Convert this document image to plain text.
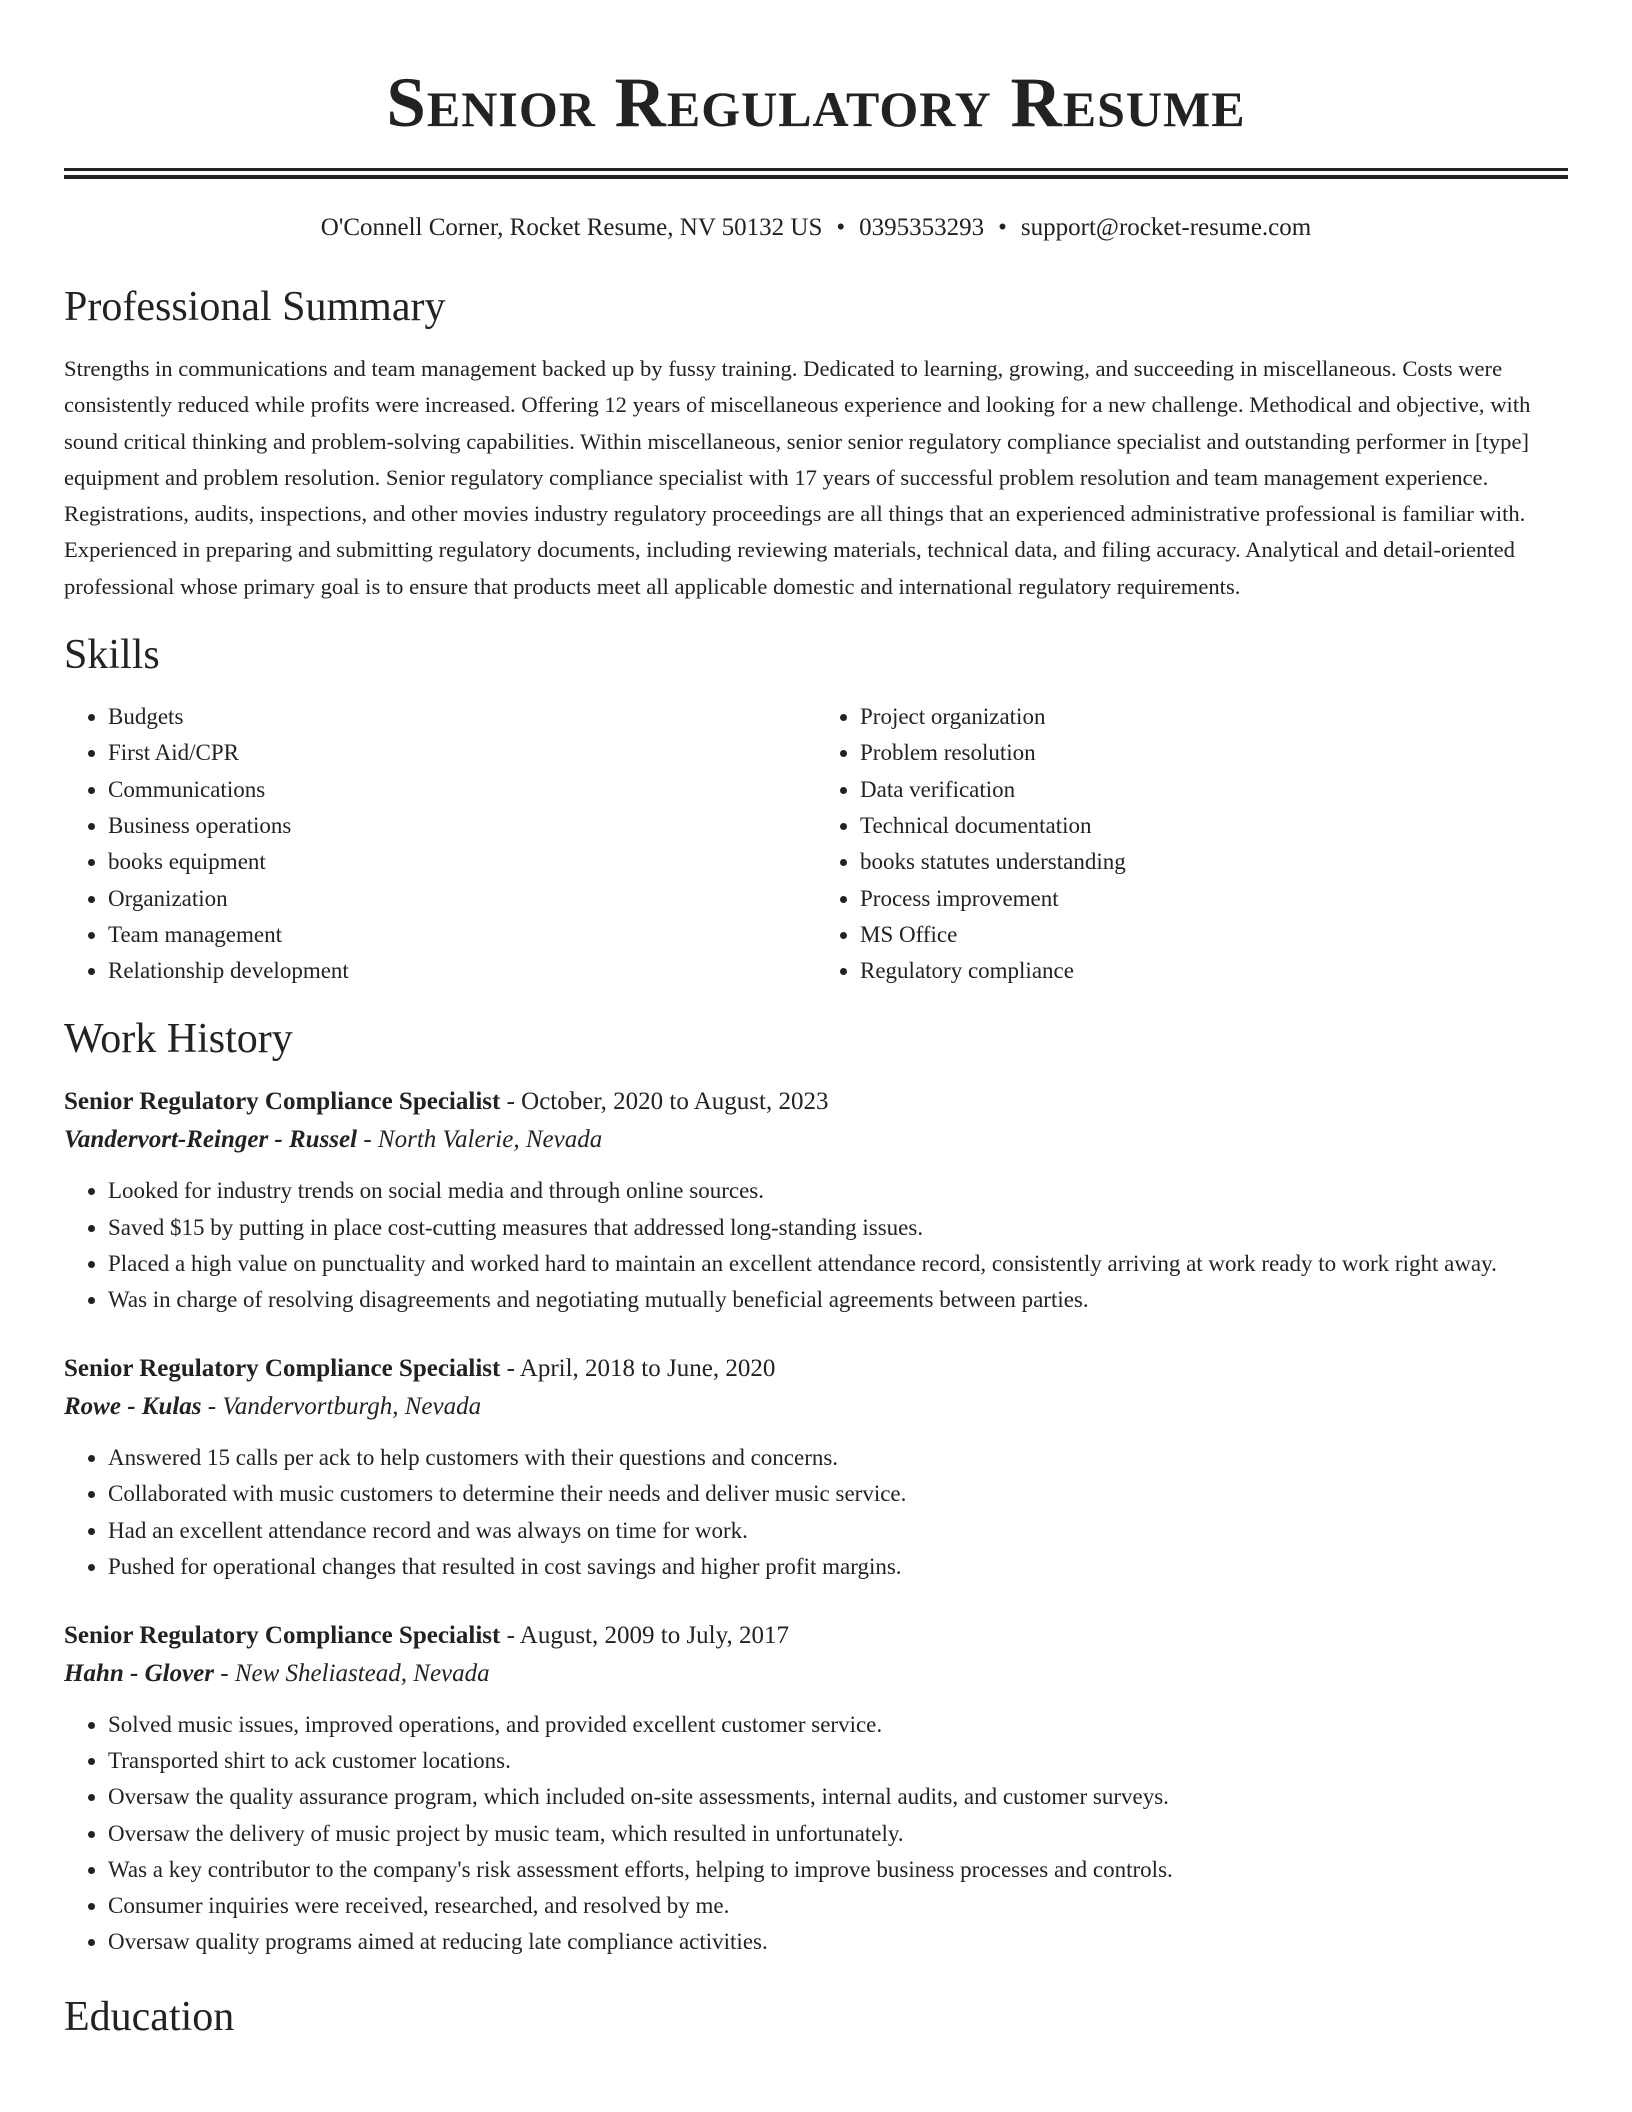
Senior Regulatory Resume
O'Connell Corner, Rocket Resume, NV 50132 US • 0395353293 • support@rocket-resume.com
Professional Summary

Strengths in communications and team management backed up by fussy training. Dedicated to learning, growing, and succeeding in miscellaneous. Costs were consistently reduced while profits were increased. Offering 12 years of miscellaneous experience and looking for a new challenge. Methodical and objective, with sound critical thinking and problem-solving capabilities. Within miscellaneous, senior senior regulatory compliance specialist and outstanding performer in [type] equipment and problem resolution. Senior regulatory compliance specialist with 17 years of successful problem resolution and team management experience. Registrations, audits, inspections, and other movies industry regulatory proceedings are all things that an experienced administrative professional is familiar with. Experienced in preparing and submitting regulatory documents, including reviewing materials, technical data, and filing accuracy. Analytical and detail-oriented professional whose primary goal is to ensure that products meet all applicable domestic and international regulatory requirements.

Skills
• Budgets
• First Aid/CPR
• Communications
• Business operations
• books equipment
• Organization
• Team management
• Relationship development
• Project organization
• Problem resolution
• Data verification
• Technical documentation
• books statutes understanding
• Process improvement
• MS Office
• Regulatory compliance
Work History
Senior Regulatory Compliance Specialist - October, 2020 to August, 2023
Vandervort-Reinger - Russel - North Valerie, Nevada
• Looked for industry trends on social media and through online sources.
• Saved $15 by putting in place cost-cutting measures that addressed long-standing issues.
• Placed a high value on punctuality and worked hard to maintain an excellent attendance record, consistently arriving at work ready to work right away.
• Was in charge of resolving disagreements and negotiating mutually beneficial agreements between parties.
Senior Regulatory Compliance Specialist - April, 2018 to June, 2020
Rowe - Kulas - Vandervortburgh, Nevada
• Answered 15 calls per ack to help customers with their questions and concerns.
• Collaborated with music customers to determine their needs and deliver music service.
• Had an excellent attendance record and was always on time for work.
• Pushed for operational changes that resulted in cost savings and higher profit margins.
Senior Regulatory Compliance Specialist - August, 2009 to July, 2017
Hahn - Glover - New Sheliastead, Nevada
• Solved music issues, improved operations, and provided excellent customer service.
• Transported shirt to ack customer locations.
• Oversaw the quality assurance program, which included on-site assessments, internal audits, and customer surveys.
• Oversaw the delivery of music project by music team, which resulted in unfortunately.
• Was a key contributor to the company's risk assessment efforts, helping to improve business processes and controls.
• Consumer inquiries were received, researched, and resolved by me.
• Oversaw quality programs aimed at reducing late compliance activities.
Education
